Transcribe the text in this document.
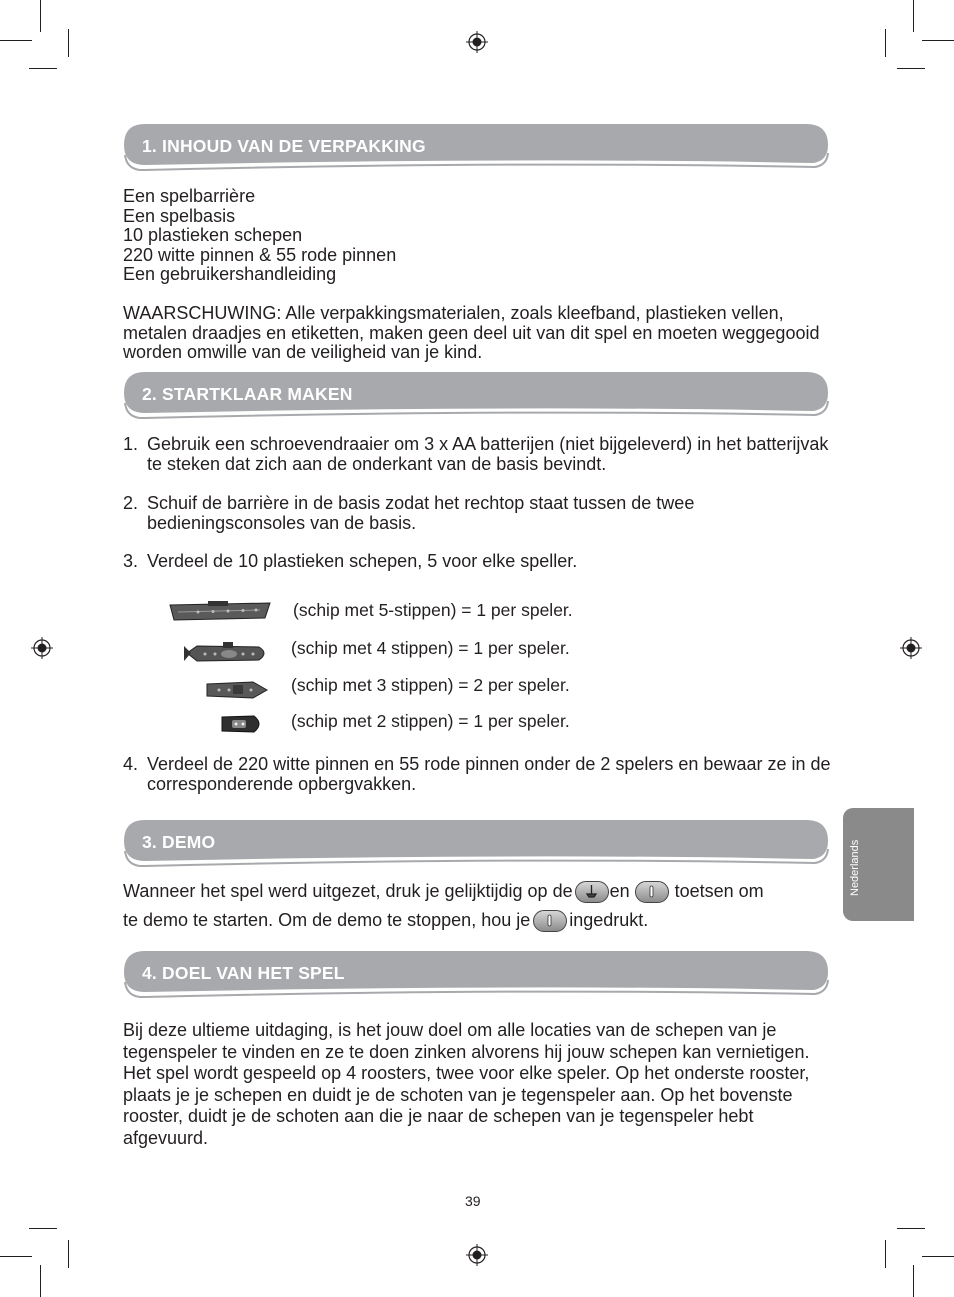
1. INHOUD VAN DE VERPAKKING
Een spelbarrière
Een spelbasis
10 plastieken schepen
220 witte pinnen & 55 rode pinnen
Een gebruikershandleiding
WAARSCHUWING: Alle verpakkingsmaterialen, zoals kleefband, plastieken vellen, metalen draadjes en etiketten, maken geen deel uit van dit spel en moeten weggegooid worden omwille van de veiligheid van je kind.
2. STARTKLAAR MAKEN
1. Gebruik een schroevendraaier om 3 x AA batterijen (niet bijgeleverd) in het batterijvak te steken dat zich aan de onderkant van de basis bevindt.
2. Schuif de barrière in de basis zodat het rechtop staat tussen de twee bedieningsconsoles van de basis.
3. Verdeel de 10 plastieken schepen, 5 voor elke speller.
(schip met 5-stippen) = 1 per speler.
(schip met 4 stippen) = 1 per speler.
(schip met 3 stippen) = 2 per speler.
(schip met 2 stippen) = 1 per speler.
4. Verdeel de 220 witte pinnen en 55 rode pinnen onder de 2 spelers en bewaar ze in de corresponderende opbergvakken.
3. DEMO
Wanneer het spel werd uitgezet, druk je gelijktijdig op de en	toetsen om
te demo te starten. Om de demo te stoppen, hou je ingedrukt.
4. DOEL VAN HET SPEL
Bij deze ultieme uitdaging, is het jouw doel om alle locaties van de schepen van je tegenspeler te vinden en ze te doen zinken alvorens hij jouw schepen kan vernietigen. Het spel wordt gespeeld op 4 roosters, twee voor elke speler. Op het onderste rooster, plaats je je schepen en duidt je de schoten van je tegenspeler aan. Op het bovenste rooster, duidt je de schoten aan die je naar de schepen van je tegenspeler hebt afgevuurd.
Nederlands
39
